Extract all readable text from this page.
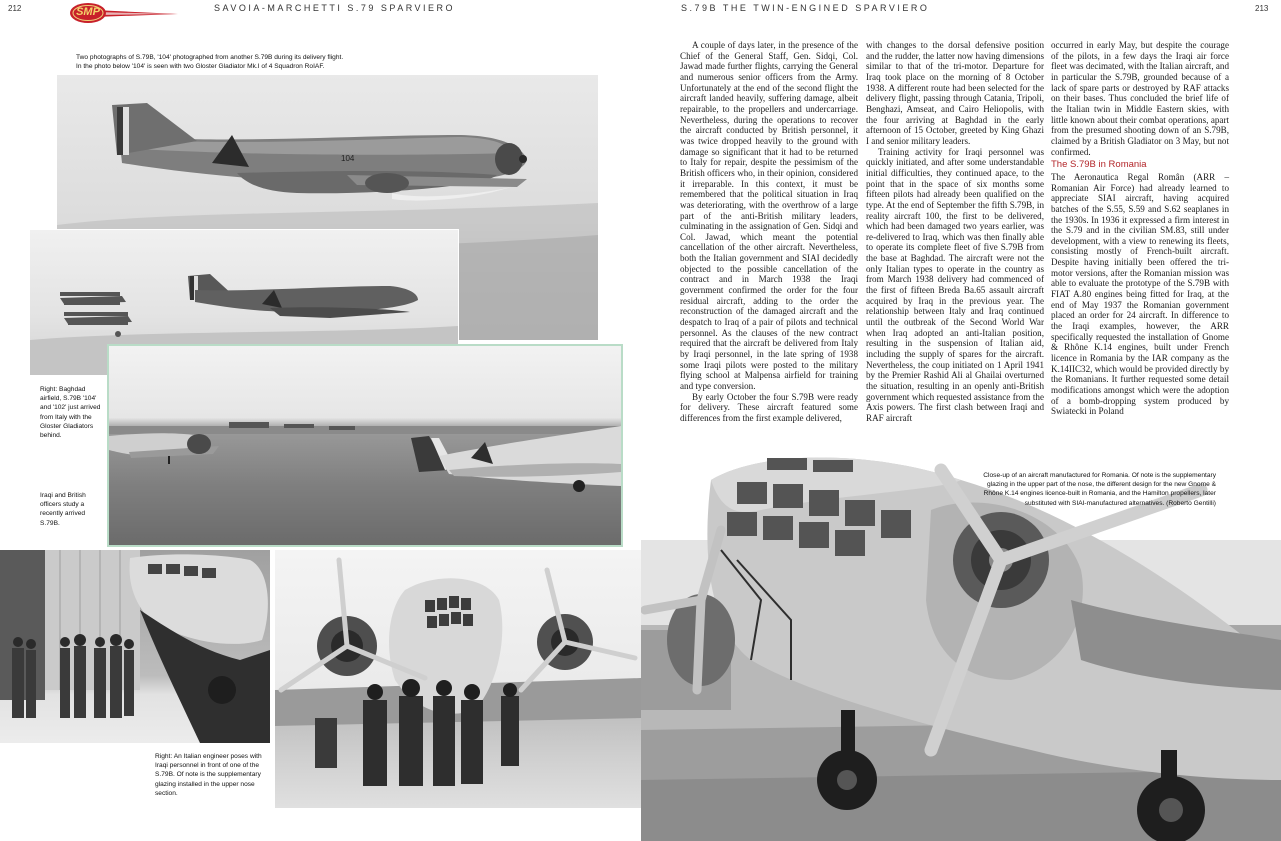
212	SMP	SAVOIA-MARCHETTI S.79 SPARVIERO	S.79B THE TWIN-ENGINED SPARVIERO	213
Two photographs of S.79B, '104' photographed from another S.79B during its delivery flight. In the photo below '104' is seen with two Gloster Gladiator Mk.I of 4 Squadron RoIAF.
104
Right: Baghdad airfield, S.79B '104' and '102' just arrived from Italy with the Gloster Gladiators behind.
Iraqi and British officers study a recently arrived S.79B.
Right: An Italian engineer poses with Iraqi personnel in front of one of the S.79B. Of note is the supplementary glazing installed in the upper nose section.

A couple of days later, in the presence of the Chief of the General Staff, Gen. Sidqi, Col. Jawad made further flights, carrying the General and numerous senior officers from the Army. Unfortunately at the end of the second flight the aircraft landed heavily, suffering damage, albeit repairable, to the propellers and undercarriage. Nevertheless, during the operations to recover the aircraft conducted by British personnel, it was twice dropped heavily to the ground with damage so significant that it had to be returned to Italy for repair, despite the pessimism of the British officers who, in their opinion, considered it irreparable. In this context, it must be remembered that the political situation in Iraq was deteriorating, with the overthrow of a large part of the anti-British military leaders, culminating in the assignation of Gen. Sidqi and Col. Jawad, which meant the potential cancellation of the other aircraft. Nevertheless, both the Italian government and SIAI decidedly objected to the possible cancellation of the contract and in March 1938 the Iraqi government confirmed the order for the four residual aircraft, adding to the order the reconstruction of the damaged aircraft and the despatch to Iraq of a pair of pilots and technical personnel. As the clauses of the new contract required that the aircraft be delivered from Italy by Iraqi personnel, in the late spring of 1938 some Iraqi pilots were posted to the military flying school at Malpensa airfield for training and type conversion.

By early October the four S.79B were ready for delivery. These aircraft featured some differences from the first example delivered,

with changes to the dorsal defensive position and the rudder, the latter now having dimensions similar to that of the tri-motor. Departure for Iraq took place on the morning of 8 October 1938. A different route had been selected for the delivery flight, passing through Catania, Tripoli, Benghazi, Amseat, and Cairo Heliopolis, with the four arriving at Baghdad in the early afternoon of 15 October, greeted by King Ghazi I and senior military leaders.

Training activity for Iraqi personnel was quickly initiated, and after some understandable initial difficulties, they continued apace, to the point that in the space of six months some fifteen pilots had already been qualified on the type. At the end of September the fifth S.79B, in reality aircraft 100, the first to be delivered, which had been damaged two years earlier, was re-delivered to Iraq, which was then finally able to operate its complete fleet of five S.79B from the base at Baghdad. The aircraft were not the only Italian types to operate in the country as from March 1938 delivery had commenced of the first of fifteen Breda Ba.65 assault aircraft acquired by Iraq in the previous year. The relationship between Italy and Iraq continued until the outbreak of the Second World War when Iraq adopted an anti-Italian position, resulting in the suspension of Italian aid, including the supply of spares for the aircraft. Nevertheless, the coup initiated on 1 April 1941 by the Premier Rashid Ali al Ghailai overturned the situation, resulting in an openly anti-British government which requested assistance from the Axis powers. The first clash between Iraqi and RAF aircraft

occurred in early May, but despite the courage of the pilots, in a few days the Iraqi air force fleet was decimated, with the Italian aircraft, and in particular the S.79B, grounded because of a lack of spare parts or destroyed by RAF attacks on their bases. Thus concluded the brief life of the Italian twin in Middle Eastern skies, with little known about their combat operations, apart from the presumed shooting down of an S.79B, claimed by a British Gladiator on 3 May, but not confirmed.

The S.79B in Romania

The Aeronautica Regal Român (ARR – Romanian Air Force) had already learned to appreciate SIAI aircraft, having acquired batches of the S.55, S.59 and S.62 seaplanes in the 1930s. In 1936 it expressed a firm interest in the S.79 and in the civilian SM.83, still under development, with a view to renewing its fleets, consisting mostly of French-built aircraft. Despite having initially been offered the tri-motor versions, after the Romanian mission was able to evaluate the prototype of the S.79B with FIAT A.80 engines being fitted for Iraq, at the end of May 1937 the Romanian government placed an order for 24 aircraft. In difference to the Iraqi examples, however, the ARR specifically requested the installation of Gnome & Rhône K.14 engines, built under French licence in Romania by the IAR company as the K.14IIC32, which would be provided directly by the Romanians. It further requested some detail modifications amongst which were the adoption of a bomb-dropping system produced by Swiatecki in Poland

Close-up of an aircraft manufactured for Romania. Of note is the supplementary glazing in the upper part of the nose, the different design for the new Gnome & Rhône K.14 engines licence-built in Romania, and the Hamilton propellers, later substituted with SIAI-manufactured alternatives. (Roberto Gentilli)
